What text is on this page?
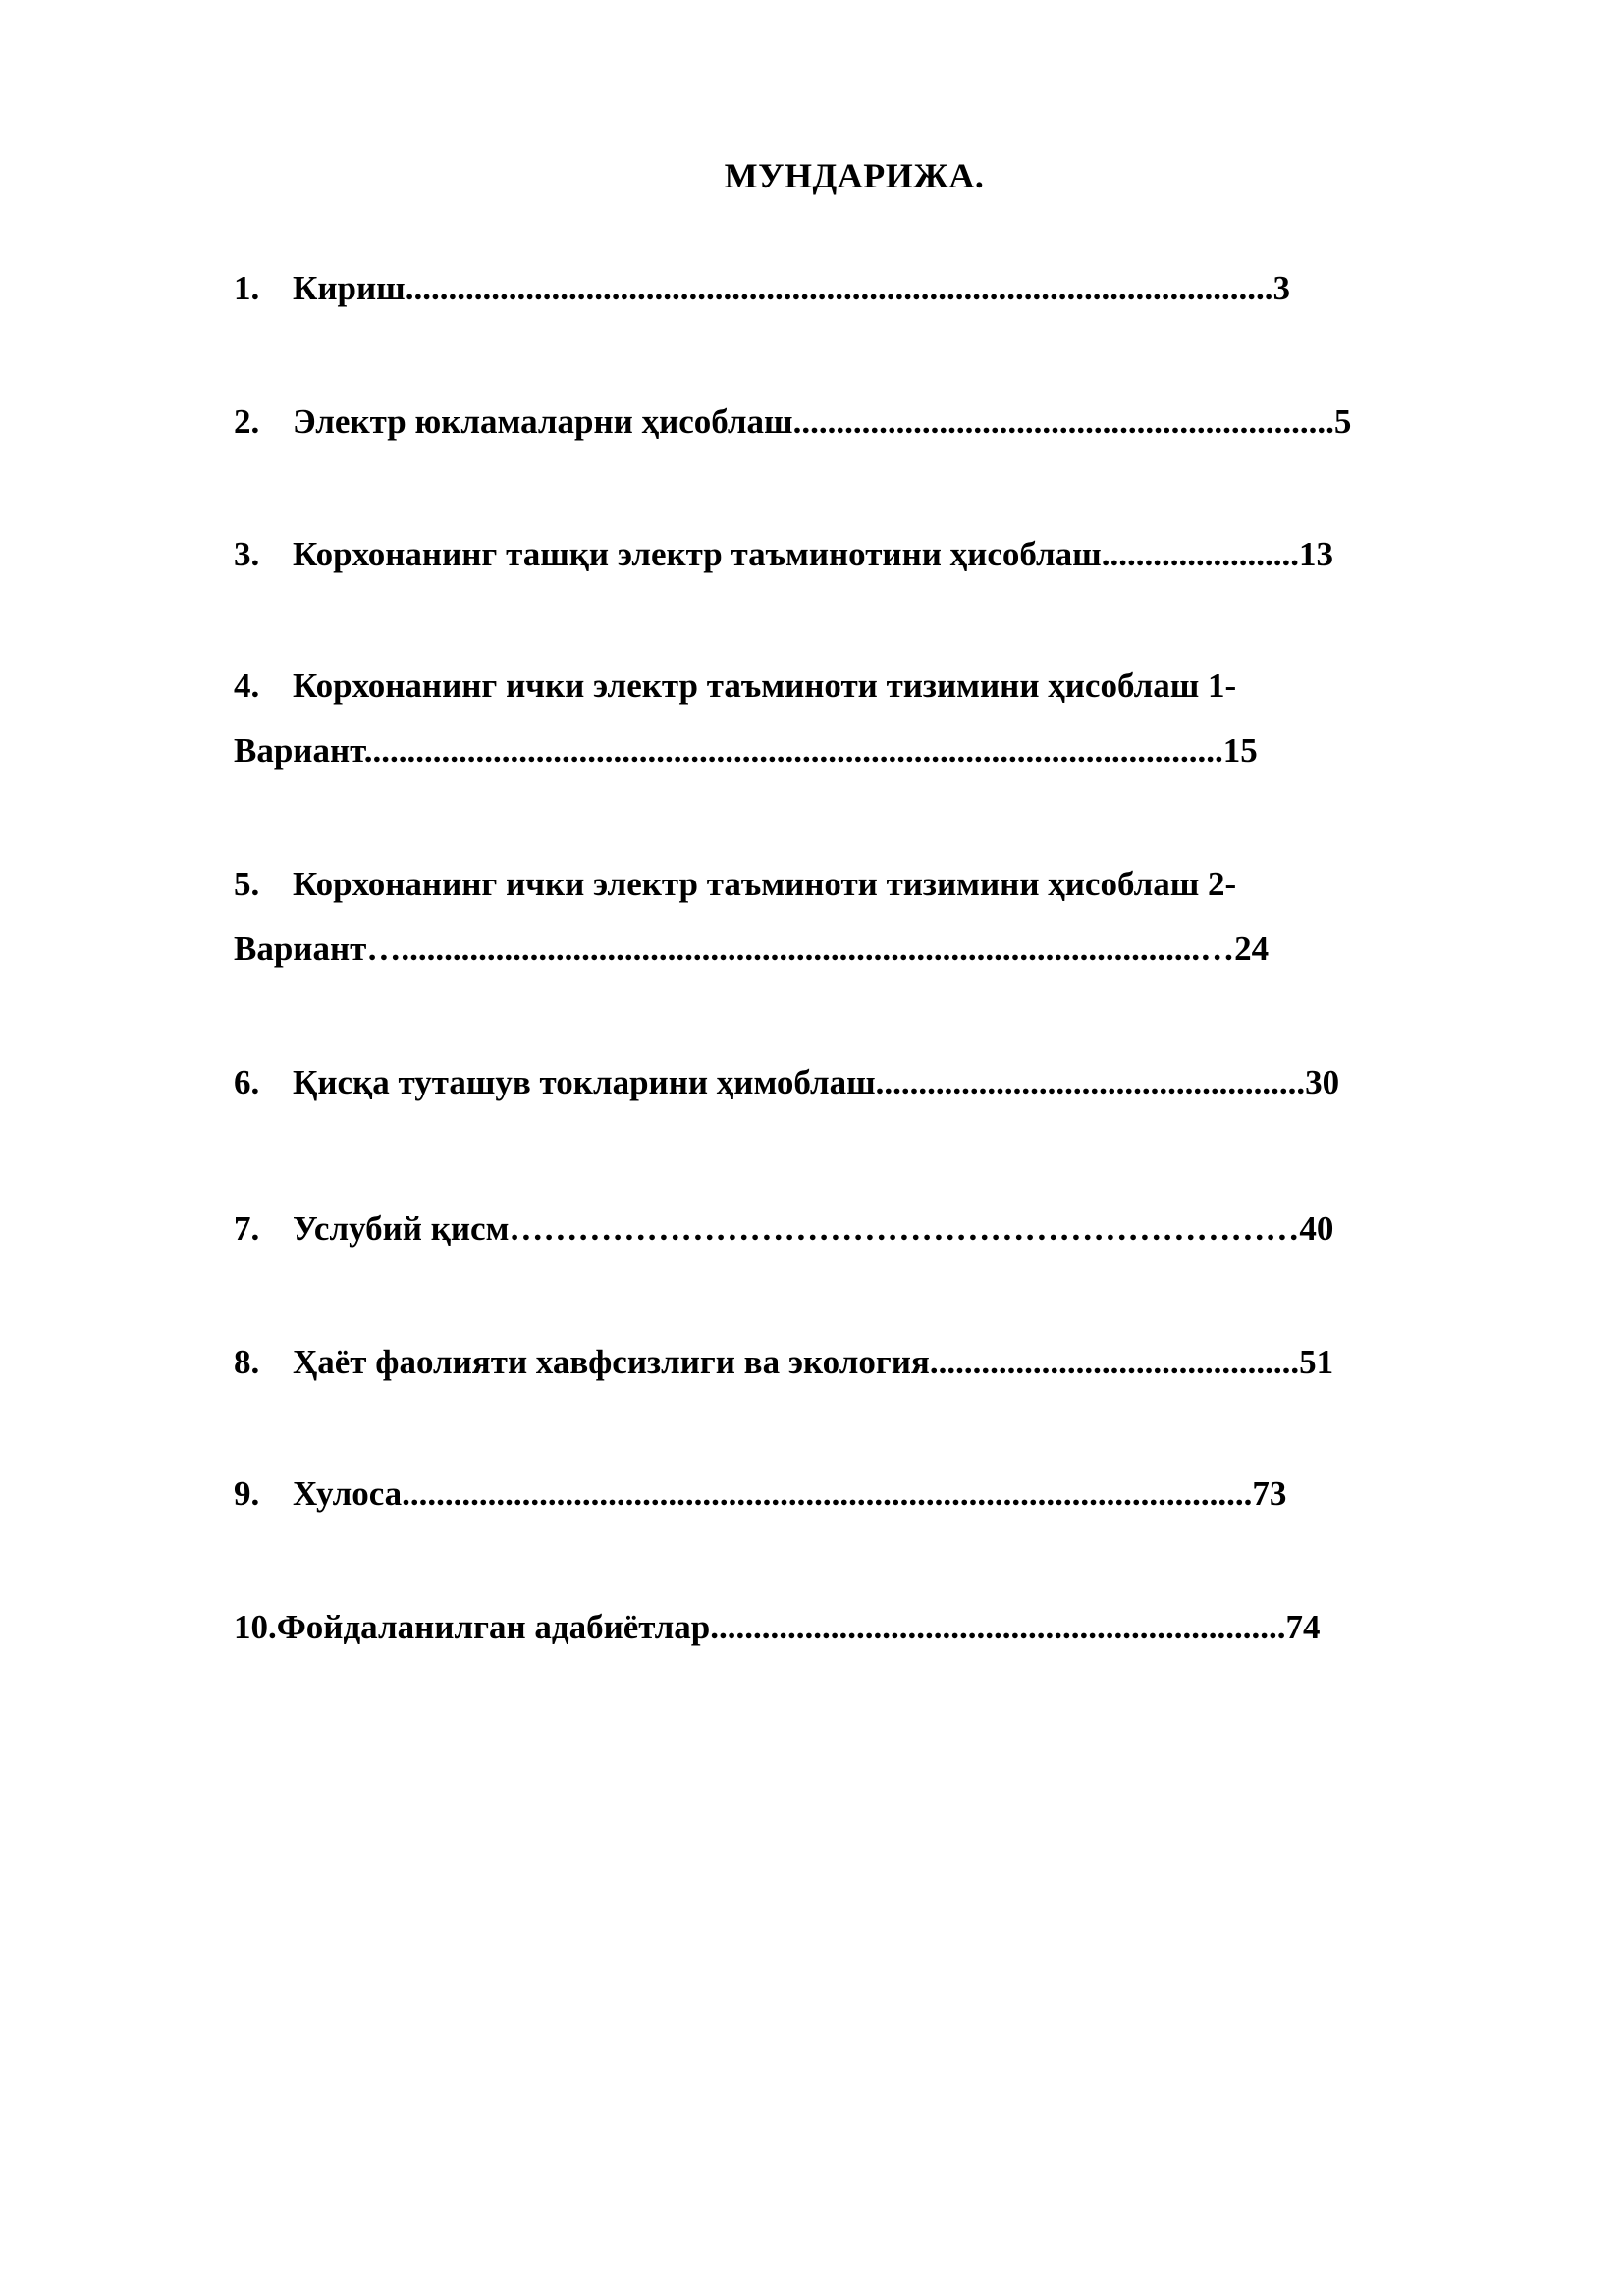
МУНДАРИЖА.
1. Кириш.....................................................................................................3
2. Электр юкламаларни ҳисоблаш...............................................................5
3. Корхонанинг ташқи электр таъминотини ҳисоблаш.......................13
4. Корхонанинг ички электр таъминоти тизимини ҳисоблаш 1-
Вариант....................................................................................................15
5. Корхонанинг ички электр таъминоти тизимини ҳисоблаш 2-
Вариант….............................................................................................…24
6. Қисқа туташув токларини ҳимоблаш..................................................30
7. Услубий қисм……………………………………………………………40
8. Ҳаёт фаолияти хавфсизлиги ва экология...........................................51
9. Хулоса...................................................................................................73
10.Фойдаланилган адабиётлар...................................................................74
